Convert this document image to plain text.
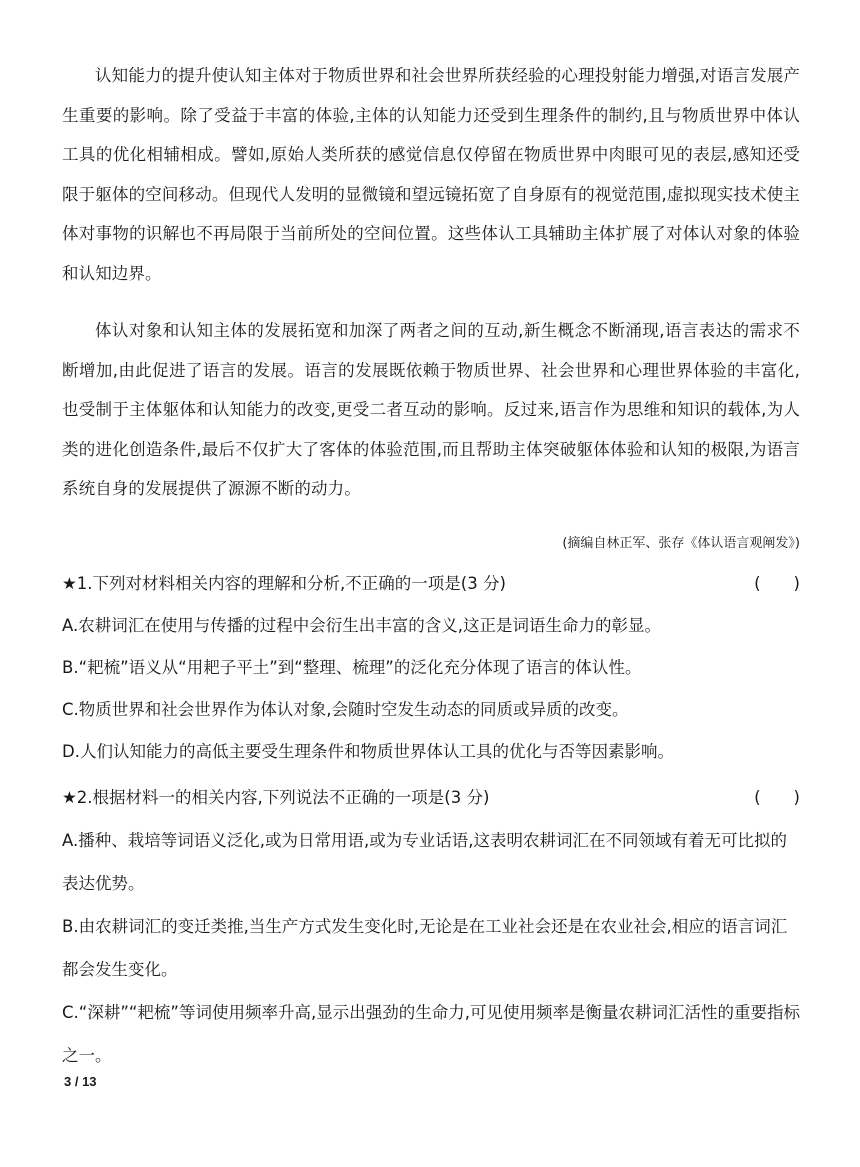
认知能力的提升使认知主体对于物质世界和社会世界所获经验的心理投射能力增强,对语言发展产生重要的影响。除了受益于丰富的体验,主体的认知能力还受到生理条件的制约,且与物质世界中体认工具的优化相辅相成。譬如,原始人类所获的感觉信息仅停留在物质世界中肉眼可见的表层,感知还受限于躯体的空间移动。但现代人发明的显微镜和望远镜拓宽了自身原有的视觉范围,虚拟现实技术使主体对事物的识解也不再局限于当前所处的空间位置。这些体认工具辅助主体扩展了对体认对象的体验和认知边界。

体认对象和认知主体的发展拓宽和加深了两者之间的互动,新生概念不断涌现,语言表达的需求不断增加,由此促进了语言的发展。语言的发展既依赖于物质世界、社会世界和心理世界体验的丰富化,也受制于主体躯体和认知能力的改变,更受二者互动的影响。反过来,语言作为思维和知识的载体,为人类的进化创造条件,最后不仅扩大了客体的体验范围,而且帮助主体突破躯体体验和认知的极限,为语言系统自身的发展提供了源源不断的动力。

(摘编自林正军、张存《体认语言观阐发》)
★1.下列对材料相关内容的理解和分析,不正确的一项是(3 分)	(　　)

A.农耕词汇在使用与传播的过程中会衍生出丰富的含义,这正是词语生命力的彰显。

B.“耙梳”语义从“用耙子平土”到“整理、梳理”的泛化充分体现了语言的体认性。

C.物质世界和社会世界作为体认对象,会随时空发生动态的同质或异质的改变。

D.人们认知能力的高低主要受生理条件和物质世界体认工具的优化与否等因素影响。

★2.根据材料一的相关内容,下列说法不正确的一项是(3 分)	(　　)

A.播种、栽培等词语义泛化,或为日常用语,或为专业话语,这表明农耕词汇在不同领域有着无可比拟的表达优势。

B.由农耕词汇的变迁类推,当生产方式发生变化时,无论是在工业社会还是在农业社会,相应的语言词汇都会发生变化。

C.“深耕”“耙梳”等词使用频率升高,显示出强劲的生命力,可见使用频率是衡量农耕词汇活性的重要指标之一。

3 / 13
